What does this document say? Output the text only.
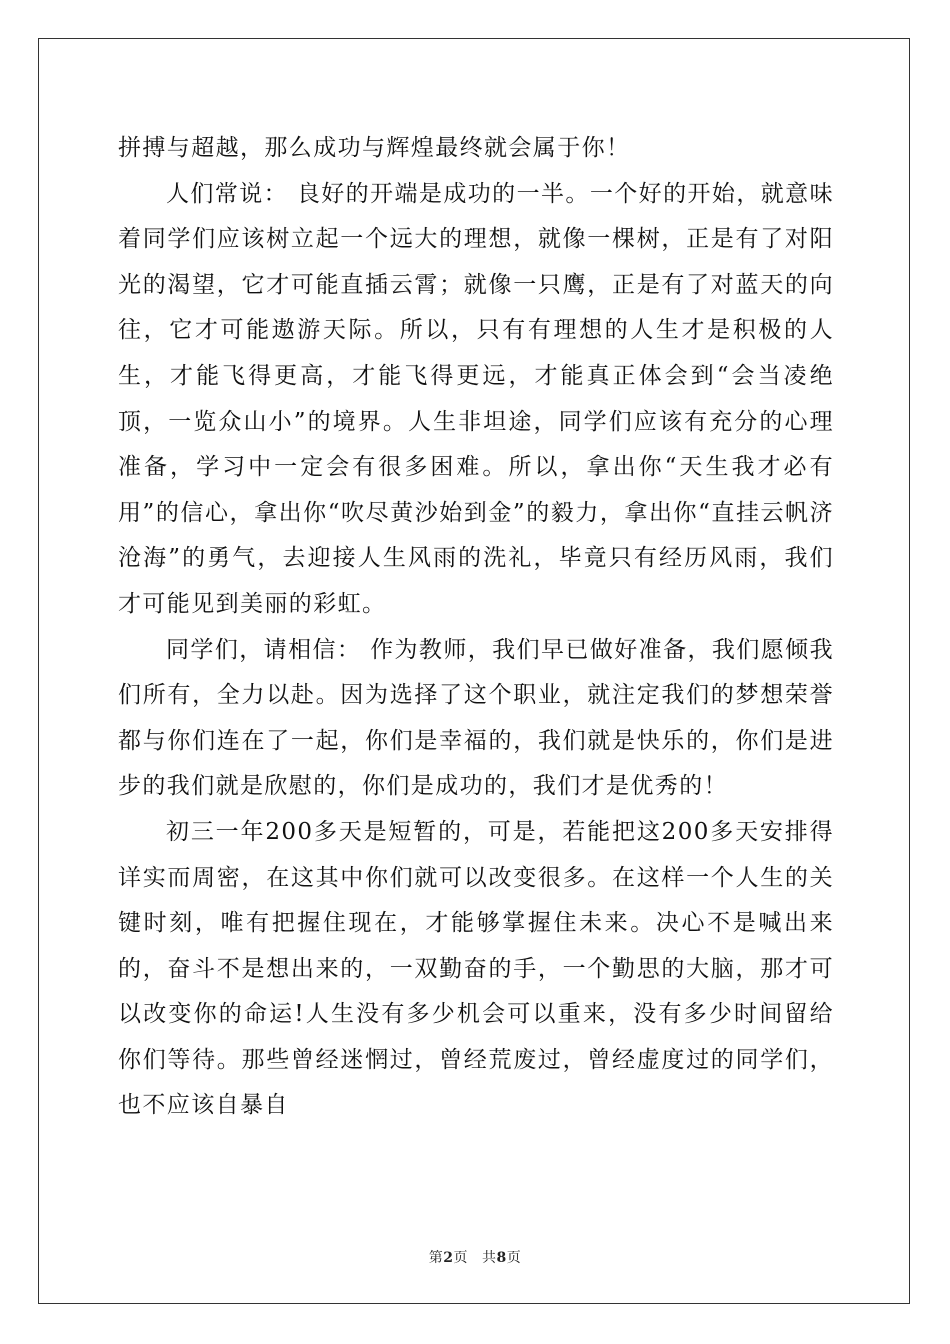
拼搏与超越，那么成功与辉煌最终就会属于你！

人们常说： 良好的开端是成功的一半。一个好的开始，就意味着同学们应该树立起一个远大的理想，就像一棵树，正是有了对阳光的渴望，它才可能直插云霄；就像一只鹰，正是有了对蓝天的向往，它才可能遨游天际。所以，只有有理想的人生才是积极的人生，才能飞得更高，才能飞得更远，才能真正体会到“会当凌绝顶，一览众山小”的境界。人生非坦途，同学们应该有充分的心理准备，学习中一定会有很多困难。所以，拿出你“天生我才必有用”的信心，拿出你“吹尽黄沙始到金”的毅力，拿出你“直挂云帆济沧海”的勇气，去迎接人生风雨的洗礼，毕竟只有经历风雨，我们才可能见到美丽的彩虹。

同学们，请相信： 作为教师，我们早已做好准备，我们愿倾我们所有，全力以赴。因为选择了这个职业，就注定我们的梦想荣誉都与你们连在了一起，你们是幸福的，我们就是快乐的，你们是进步的我们就是欣慰的，你们是成功的，我们才是优秀的！

初三一年200多天是短暂的，可是，若能把这200多天安排得详实而周密，在这其中你们就可以改变很多。在这样一个人生的关键时刻，唯有把握住现在，才能够掌握住未来。决心不是喊出来的，奋斗不是想出来的，一双勤奋的手，一个勤思的大脑，那才可以改变你的命运!人生没有多少机会可以重来，没有多少时间留给你们等待。那些曾经迷惘过，曾经荒废过，曾经虚度过的同学们，也不应该自暴自

第2页 共8页
